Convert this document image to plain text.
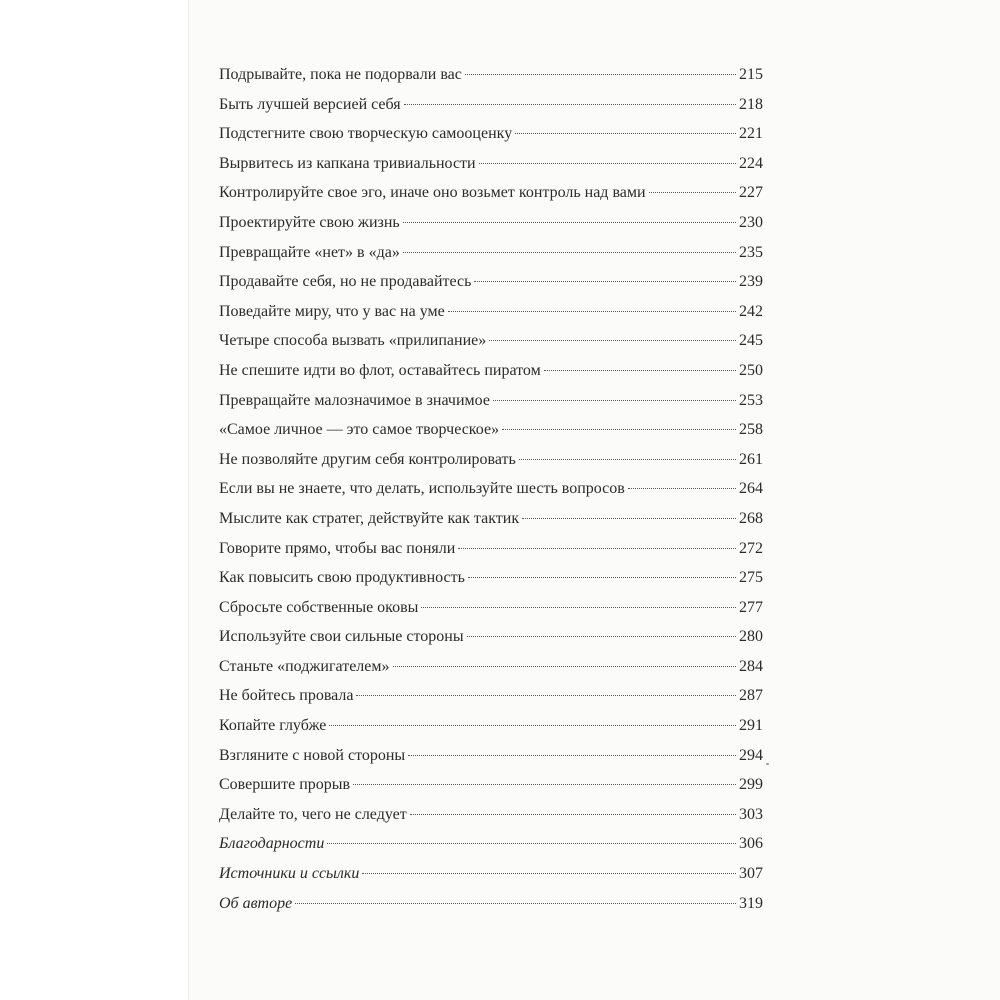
Подрывайте, пока не подорвали вас	215
Быть лучшей версией себя	218
Подстегните свою творческую самооценку	221
Вырвитесь из капкана тривиальности	224
Контролируйте свое эго, иначе оно возьмет контроль над вами	227
Проектируйте свою жизнь	230
Превращайте «нет» в «да»	235
Продавайте себя, но не продавайтесь	239
Поведайте миру, что у вас на уме	242
Четыре способа вызвать «прилипание»	245
Не спешите идти во флот, оставайтесь пиратом	250
Превращайте малозначимое в значимое	253
«Самое личное — это самое творческое»	258
Не позволяйте другим себя контролировать	261
Если вы не знаете, что делать, используйте шесть вопросов	264
Мыслите как стратег, действуйте как тактик	268
Говорите прямо, чтобы вас поняли	272
Как повысить свою продуктивность	275
Сбросьте собственные оковы	277
Используйте свои сильные стороны	280
Станьте «поджигателем»	284
Не бойтесь провала	287
Копайте глубже	291
Взгляните с новой стороны	294
Совершите прорыв	299
Делайте то, чего не следует	303
Благодарности	306
Источники и ссылки	307
Об авторе	319
